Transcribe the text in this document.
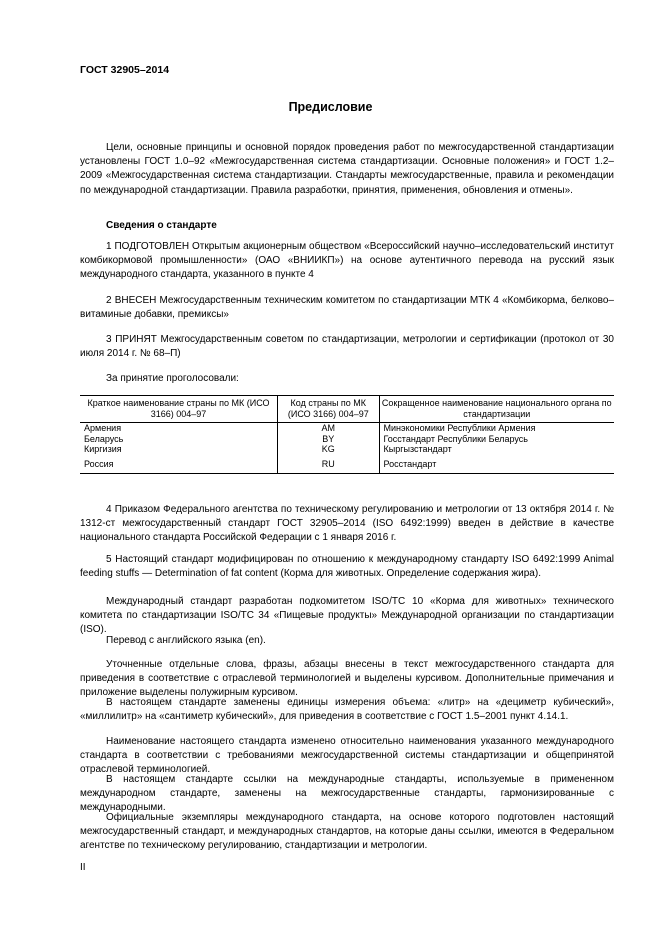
ГОСТ 32905–2014
Предисловие

Цели, основные принципы и основной порядок проведения работ по межгосударственной стандартизации установлены ГОСТ 1.0–92 «Межгосударственная система стандартизации. Основные положения» и ГОСТ 1.2–2009 «Межгосударственная система стандартизации. Стандарты межгосударственные, правила и рекомендации по международной стандартизации. Правила разработки, принятия, применения, обновления и отмены».

Сведения о стандарте

1 ПОДГОТОВЛЕН Открытым акционерным обществом «Всероссийский научно–исследовательский институт комбикормовой промышленности» (ОАО «ВНИИКП») на основе аутентичного перевода на русский язык международного стандарта, указанного в пункте 4

2 ВНЕСЕН Межгосударственным техническим комитетом по стандартизации МТК 4 «Комбикорма, белково–витаминые добавки, премиксы»

3 ПРИНЯТ Межгосударственным советом по стандартизации, метрологии и сертификации (протокол от 30 июля 2014 г. № 68–П)

За принятие проголосовали:

Краткое наименование страны по МК (ИСО 3166) 004–97	Код страны по МК (ИСО 3166) 004–97	Сокращенное наименование национального органа по стандартизации
Армения	AM	Минэкономики Республики Армения
Беларусь	BY	Госстандарт Республики Беларусь
Киргизия	KG	Кыргызстандарт

Россия	RU	Росстандарт

4 Приказом Федерального агентства по техническому регулированию и метрологии от 13 октября 2014 г. № 1312-ст межгосударственный стандарт ГОСТ 32905–2014 (ISO 6492:1999) введен в действие в качестве национального стандарта Российской Федерации с 1 января 2016 г.

5 Настоящий стандарт модифицирован по отношению к международному стандарту ISO 6492:1999 Animal feeding stuffs — Determination of fat content (Корма для животных. Определение содержания жира).

Международный стандарт разработан подкомитетом ISO/TC 10 «Корма для животных» технического комитета по стандартизации ISO/TC 34 «Пищевые продукты» Международной организации по стандартизации (ISO).

Перевод с английского языка (en).

Уточненные отдельные слова, фразы, абзацы внесены в текст межгосударственного стандарта для приведения в соответствие с отраслевой терминологией и выделены курсивом. Дополнительные примечания и приложение выделены полужирным курсивом.

В настоящем стандарте заменены единицы измерения объема: «литр» на «дециметр кубический», «миллилитр» на «сантиметр кубический», для приведения в соответствие с ГОСТ 1.5–2001 пункт 4.14.1.

Наименование настоящего стандарта изменено относительно наименования указанного международного стандарта в соответствии с требованиями межгосударственной системы стандартизации и общепринятой отраслевой терминологией.

В настоящем стандарте ссылки на международные стандарты, используемые в примененном международном стандарте, заменены на межгосударственные стандарты, гармонизированные с международными.

Официальные экземпляры международного стандарта, на основе которого подготовлен настоящий межгосударственный стандарт, и международных стандартов, на которые даны ссылки, имеются в Федеральном агентстве по техническому регулированию, стандартизации и метрологии.

II
